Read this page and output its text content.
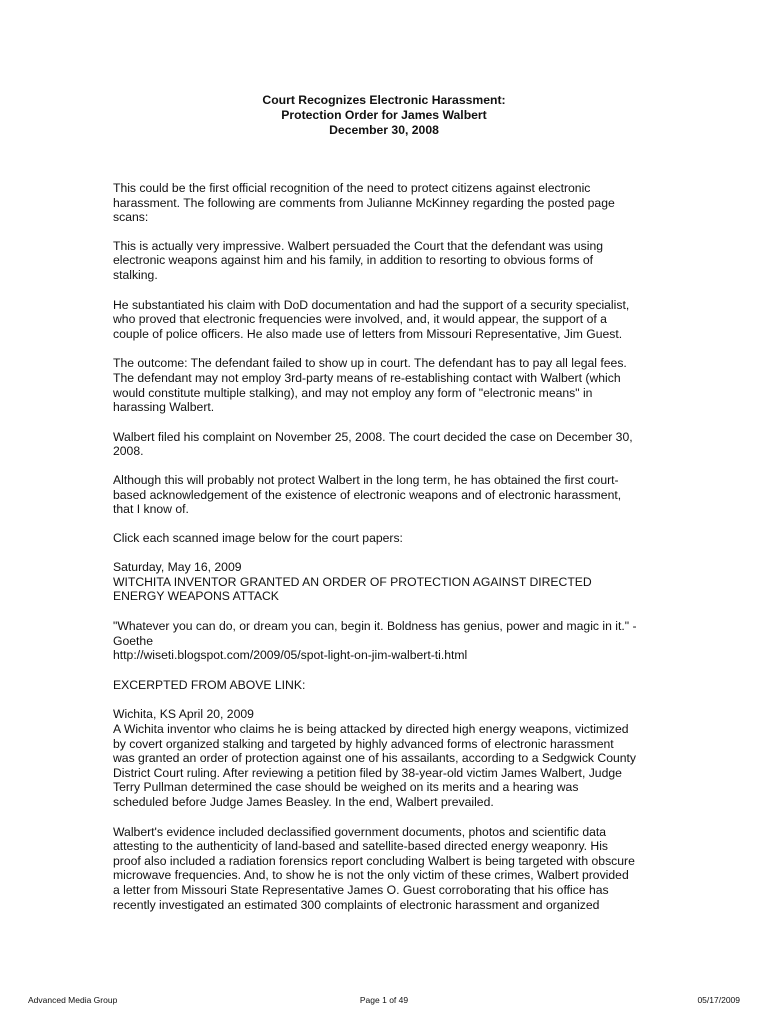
Court Recognizes Electronic Harassment:
Protection Order for James Walbert
December 30, 2008
This could be the first official recognition of the need to protect citizens against electronic
harassment. The following are comments from Julianne McKinney regarding the posted page
scans:
This is actually very impressive. Walbert persuaded the Court that the defendant was using
electronic weapons against him and his family, in addition to resorting to obvious forms of
stalking.
He substantiated his claim with DoD documentation and had the support of a security specialist,
who proved that electronic frequencies were involved, and, it would appear, the support of a
couple of police officers. He also made use of letters from Missouri Representative, Jim Guest.
The outcome: The defendant failed to show up in court. The defendant has to pay all legal fees.
The defendant may not employ 3rd-party means of re-establishing contact with Walbert (which
would constitute multiple stalking), and may not employ any form of "electronic means" in
harassing Walbert.
Walbert filed his complaint on November 25, 2008. The court decided the case on December 30,
2008.
Although this will probably not protect Walbert in the long term, he has obtained the first court-
based acknowledgement of the existence of electronic weapons and of electronic harassment,
that I know of.
Click each scanned image below for the court papers:
Saturday, May 16, 2009
WITCHITA INVENTOR GRANTED AN ORDER OF PROTECTION AGAINST DIRECTED
ENERGY WEAPONS ATTACK
"Whatever you can do, or dream you can, begin it. Boldness has genius, power and magic in it." -
Goethe
http://wiseti.blogspot.com/2009/05/spot-light-on-jim-walbert-ti.html
EXCERPTED FROM ABOVE LINK:
Wichita, KS April 20, 2009
A Wichita inventor who claims he is being attacked by directed high energy weapons, victimized
by covert organized stalking and targeted by highly advanced forms of electronic harassment
was granted an order of protection against one of his assailants, according to a Sedgwick County
District Court ruling. After reviewing a petition filed by 38-year-old victim James Walbert, Judge
Terry Pullman determined the case should be weighed on its merits and a hearing was
scheduled before Judge James Beasley. In the end, Walbert prevailed.
Walbert's evidence included declassified government documents, photos and scientific data
attesting to the authenticity of land-based and satellite-based directed energy weaponry. His
proof also included a radiation forensics report concluding Walbert is being targeted with obscure
microwave frequencies. And, to show he is not the only victim of these crimes, Walbert provided
a letter from Missouri State Representative James O. Guest corroborating that his office has
recently investigated an estimated 300 complaints of electronic harassment and organized
Advanced Media Group	Page 1 of 49	05/17/2009
